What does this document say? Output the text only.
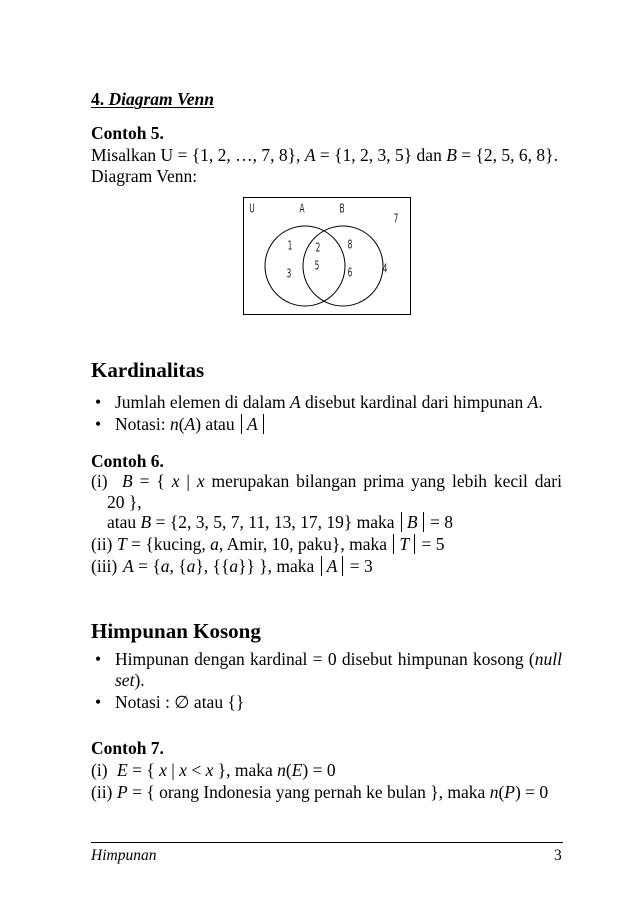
4. Diagram Venn
Contoh 5.
Misalkan U = {1, 2, …, 7, 8}, A = {1, 2, 3, 5} dan B = {2, 5, 6, 8}.
Diagram Venn:
U	A	B
7
1 2 8
5
3	6	4
Kardinalitas
•
Jumlah elemen di dalam A disebut kardinal dari himpunan A.
•
Notasi: n(A) atau A
Contoh 6.
(i) B = { x | x merupakan bilangan prima yang lebih kecil dari
20 },
atau B = {2, 3, 5, 7, 11, 13, 17, 19} maka B = 8
(ii) T = {kucing, a, Amir, 10, paku}, maka T = 5
(iii) A = {a, {a}, {{a}} }, maka A = 3
Himpunan Kosong
•
Himpunan dengan kardinal = 0 disebut himpunan kosong (null
set).
•
Notasi : ∅ atau {}
Contoh 7.
(i) E = { x | x < x }, maka n(E) = 0
(ii) P = { orang Indonesia yang pernah ke bulan }, maka n(P) = 0
Himpunan	3
